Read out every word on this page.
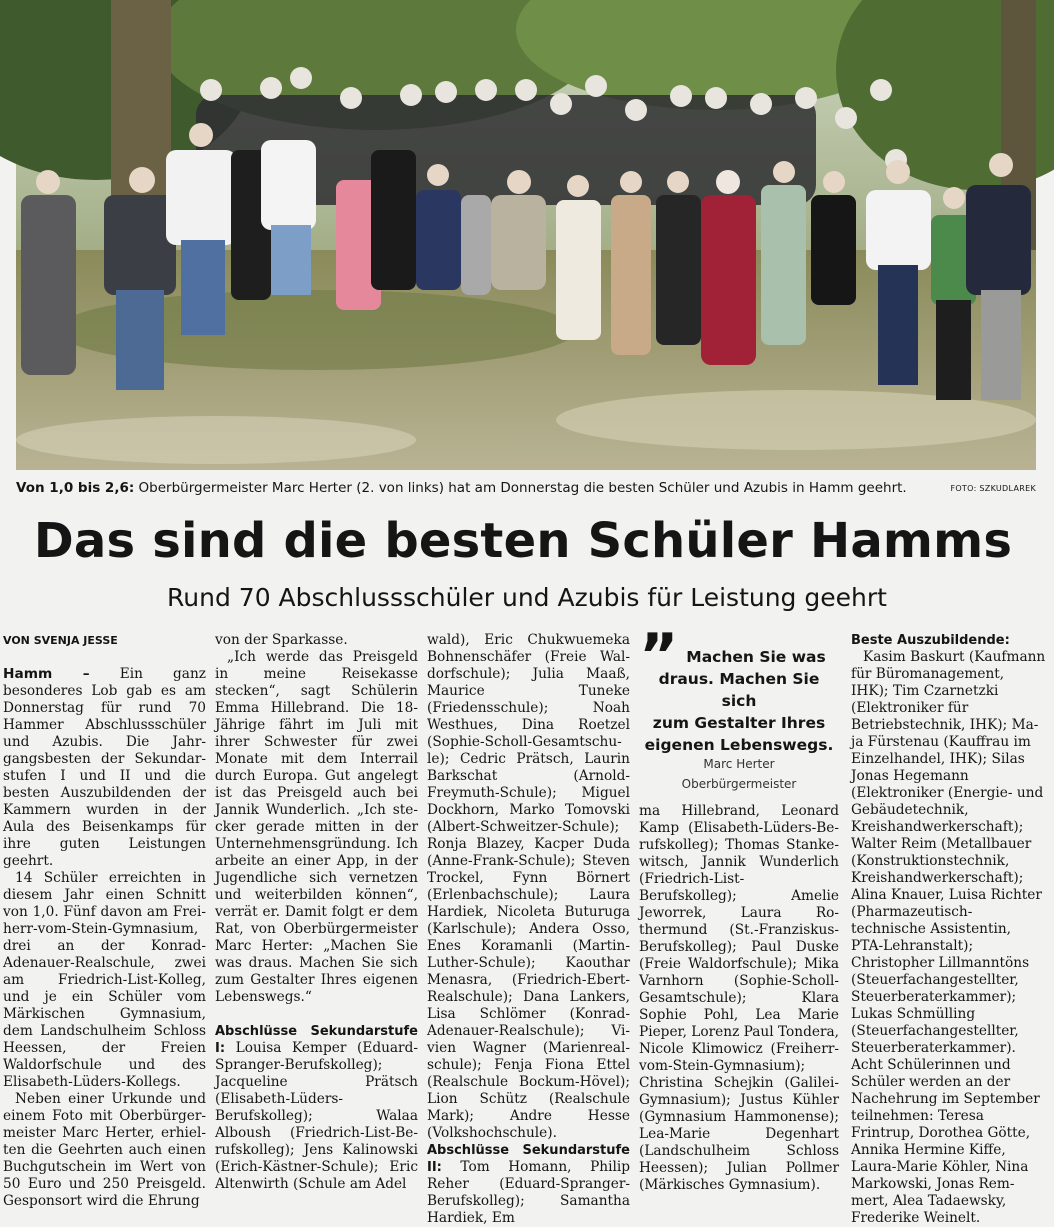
Von 1,0 bis 2,6: Oberbürgermeister Marc Herter (2. von links) hat am Donnerstag die besten Schüler und Azubis in Hamm geehrt.	FOTO: SZKUDLAREK
Das sind die besten Schüler Hamms
Rund 70 Abschlussschüler und Azubis für Leistung geehrt

VON SVENJA JESSE

Hamm – Ein ganz besonderes Lob gab es am Donnerstag für rund 70 Hammer Abschlussschüler und Azubis. Die Jahrgangsbesten der Sekundarstufen I und II und die besten Auszubildenden der Kammern wurden in der Aula des Beisenkamps für ihre guten Leistungen geehrt.

14 Schüler erreichten in diesem Jahr einen Schnitt von 1,0. Fünf davon am Freiherr-vom-Stein-Gymnasium, drei an der Konrad-Adenauer-Realschule, zwei am Friedrich-List-Kolleg, und je ein Schüler vom Märkischen Gymnasium, dem Landschulheim Schloss Heessen, der Freien Waldorfschule und des Elisabeth-Lüders-Kollegs.

Neben einer Urkunde und einem Foto mit Oberbürgermeister Marc Herter, erhielten die Geehrten auch einen Buchgutschein im Wert von 50 Euro und 250 Preisgeld. Gesponsort wird die Ehrung

von der Sparkasse.

„Ich werde das Preisgeld in meine Reisekasse stecken“, sagt Schülerin Emma Hillebrand. Die 18-Jährige fährt im Juli mit ihrer Schwester für zwei Monate mit dem Interrail durch Europa. Gut angelegt ist das Preisgeld auch bei Jannik Wunderlich. „Ich stecker gerade mitten in der Unternehmensgründung. Ich arbeite an einer App, in der Jugendliche sich vernetzen und weiterbilden können“, verrät er. Damit folgt er dem Rat, von Oberbürgermeister Marc Herter: „Machen Sie was draus. Machen Sie sich zum Gestalter Ihres eigenen Lebenswegs.“

Abschlüsse Sekundarstufe I: Louisa Kemper (Eduard-Spranger-Berufskolleg); Jacqueline Prätsch (Elisabeth-Lüders-Berufskolleg); Walaa Alboush (Friedrich-List-Berufskolleg); Jens Kalinowski (Erich-Kästner-Schule); Eric Altenwirth (Schule am Adel

wald), Eric Chukwuemeka Bohnenschäfer (Freie Waldorfschule); Julia Maaß, Maurice Tuneke (Friedensschule); Noah Westhues, Dina Roetzel (Sophie-Scholl-Gesamtschule); Cedric Prätsch, Laurin Barkschat (Arnold-Freymuth-Schule); Miguel Dockhorn, Marko Tomovski (Albert-Schweitzer-Schule); Ronja Blazey, Kacper Duda (Anne-Frank-Schule); Steven Trockel, Fynn Börnert (Erlenbachschule); Laura Hardiek, Nicoleta Buturuga (Karlschule); Andera Osso, Enes Koramanli (Martin-Luther-Schule); Kaouthar Menasra, (Friedrich-Ebert-Realschule); Dana Lankers, Lisa Schlömer (Konrad-Adenauer-Realschule); Vivien Wagner (Marienrealschule); Fenja Fiona Ettel (Realschule Bockum-Hövel); Lion Schütz (Realschule Mark); Andre Hesse (Volkshochschule).

Abschlüsse Sekundarstufe II: Tom Homann, Philip Reher (Eduard-Spranger-Berufskolleg); Samantha Hardiek, Em

” Machen Sie was
draus. Machen Sie sich
zum Gestalter Ihres
eigenen Lebenswegs.
Marc Herter
Oberbürgermeister

ma Hillebrand, Leonard Kamp (Elisabeth-Lüders-Berufskolleg); Thomas Stankewitsch, Jannik Wunderlich (Friedrich-List-Berufskolleg); Amelie Jeworrek, Laura Rothermund (St.-Franziskus-Berufskolleg); Paul Duske (Freie Waldorfschule); Mika Varnhorn (Sophie-Scholl-Gesamtschule); Klara Sophie Pohl, Lea Marie Pieper, Lorenz Paul Tondera, Nicole Klimowicz (Freiherr-vom-Stein-Gymnasium); Christina Schejkin (Galilei-Gymnasium); Justus Kühler (Gymnasium Hammonense); Lea-Marie Degenhart (Landschulheim Schloss Heessen); Julian Pollmer (Märkisches Gymnasium).

Beste Auszubildende:

Kasim Baskurt (Kaufmann für Büromanagement, IHK); Tim Czarnetzki (Elektroniker für Betriebstechnik, IHK); Maja Fürstenau (Kauffrau im Einzelhandel, IHK); Silas Jonas Hegemann (Elektroniker (Energie- und Gebäudetechnik, Kreishandwerkerschaft); Walter Reim (Metallbauer (Konstruktionstechnik, Kreishandwerkerschaft); Alina Knauer, Luisa Richter (Pharmazeutisch-technische Assistentin, PTA-Lehranstalt); Christopher Lillmanntöns (Steuerfachangestellter, Steuerberaterkammer); Lukas Schmülling (Steuerfachangestellter, Steuerberaterkammer).

Acht Schülerinnen und Schüler werden an der Nachehrung im September teilnehmen: Teresa Frintrup, Dorothea Götte, Annika Hermine Kiffe, Laura-Marie Köhler, Nina Markowski, Jonas Remmert, Alea Tadaewsky, Frederike Weinelt.
